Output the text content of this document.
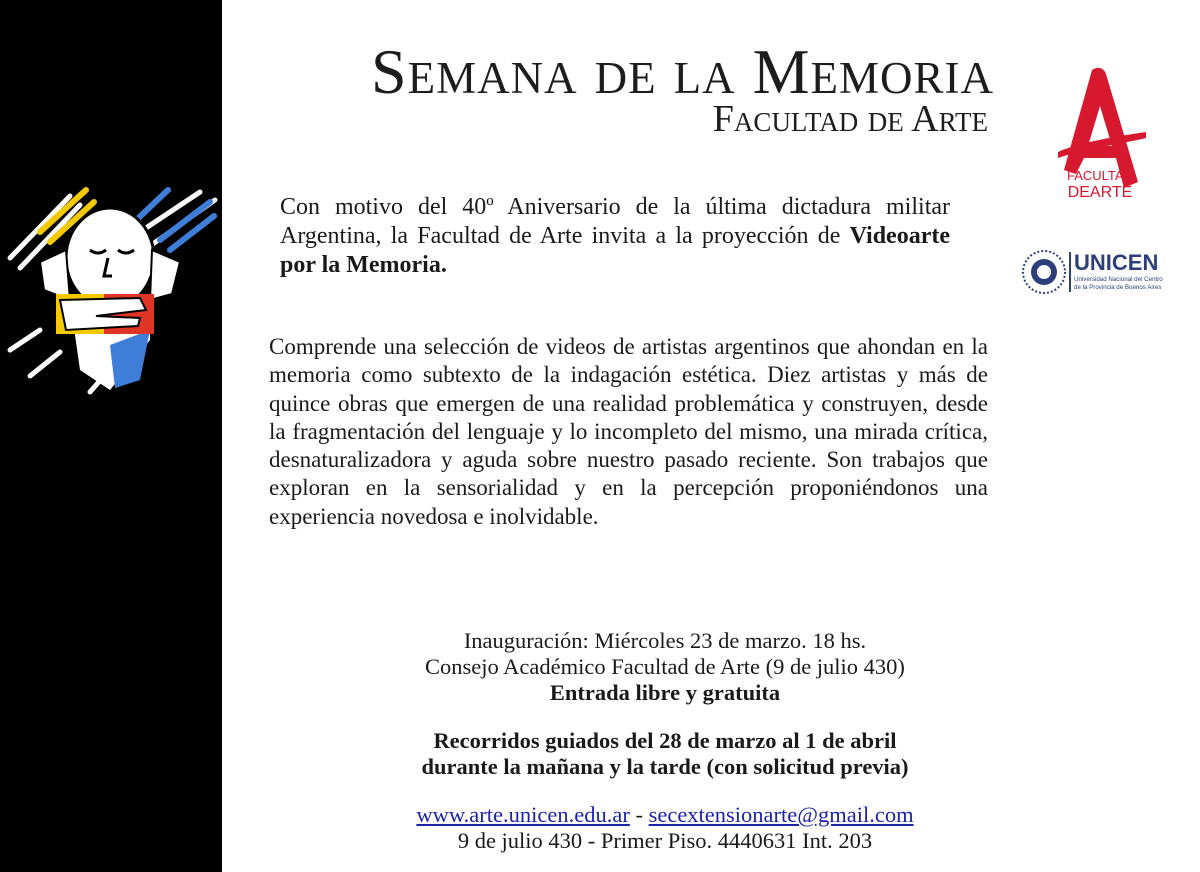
Semana de la Memoria
Facultad de Arte
Con motivo del 40º Aniversario de la última dictadura militar Argentina, la Facultad de Arte invita a la proyección de Videoarte por la Memoria.
Comprende una selección de videos de artistas argentinos que ahondan en la memoria como subtexto de la indagación estética. Diez artistas y más de quince obras que emergen de una realidad problemática y construyen, desde la fragmentación del lenguaje y lo incompleto del mismo, una mirada crítica, desnaturalizadora y aguda sobre nuestro pasado reciente. Son trabajos que exploran en la sensorialidad y en la percepción proponiéndonos una experiencia novedosa e inolvidable.
Inauguración: Miércoles 23 de marzo. 18 hs.
Consejo Académico Facultad de Arte (9 de julio 430)
Entrada libre y gratuita
Recorridos guiados del 28 de marzo al 1 de abril
durante la mañana y la tarde (con solicitud previa)
www.arte.unicen.edu.ar - secextensionarte@gmail.com
9 de julio 430 - Primer Piso. 4440631 Int. 203
FACULTAD
DEARTE
UNICEN
Universidad Nacional del Centro
de la Provincia de Buenos Aires
